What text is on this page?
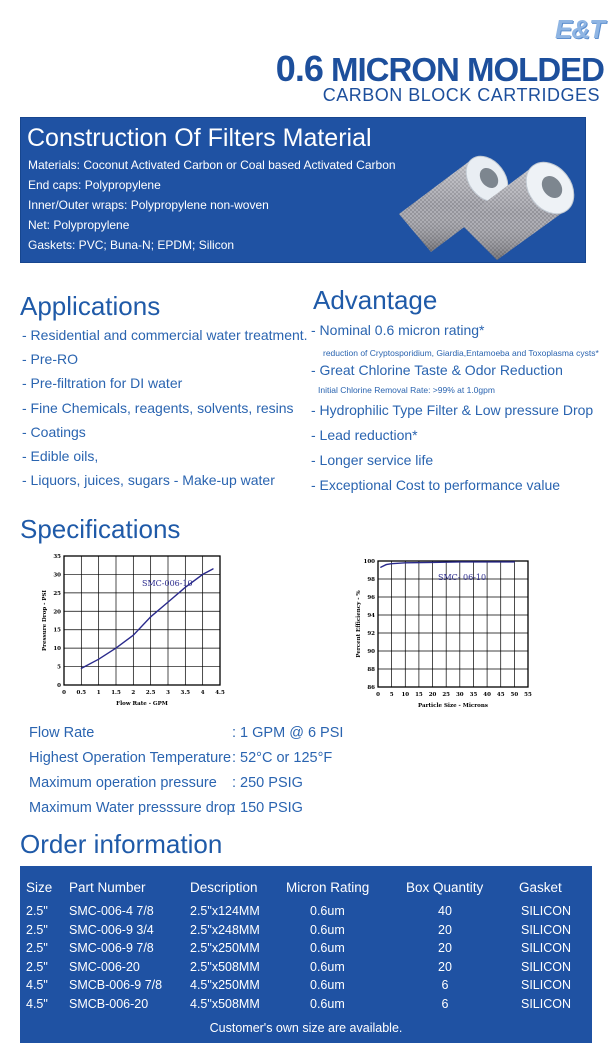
E&T
0.6 MICRON MOLDED
CARBON BLOCK CARTRIDGES
Construction Of Filters Material
Materials: Coconut Activated Carbon or Coal based Activated Carbon
End caps: Polypropylene
Inner/Outer wraps: Polypropylene non-woven
Net: Polypropylene
Gaskets: PVC; Buna-N; EPDM; Silicon
Applications
- Residential and commercial water treatment.
- Pre-RO
- Pre-filtration for DI water
- Fine Chemicals, reagents, solvents, resins
- Coatings
- Edible oils,
- Liquors, juices, sugars - Make-up water
Advantage
- Nominal 0.6 micron rating*
reduction of Cryptosporidium, Giardia,Entamoeba and Toxoplasma cysts*
- Great Chlorine Taste & Odor Reduction
Initial Chlorine Removal Rate: >99% at 1.0gpm
- Hydrophilic Type Filter & Low pressure Drop
- Lead reduction*
- Longer service life
- Exceptional Cost to performance value
Specifications
0 0.5 1 1.5 2 2.5 3 3.5 4 4.5
0
5
10
15
20
25
30
35
SMC-006-10
Flow Rate - GPM
Pressure Drop - PSI
0 5 10 15 20 25 30 35 40 45 50 55
86
88
90
92
94
96
98
100
SMC- 06-10
Particle Size - Microns
Percent Efficiency - %
Flow Rate	: 1 GPM @ 6 PSI
Highest Operation Temperature : 52°C or 125°F
Maximum operation pressure : 250 PSIG
Maximum Water presssure drop
: 150 PSIG
Order information
Size Part Number	Description Micron Rating	Box Quantity	Gasket
2.5" SMC-006-4 7/8	2.5"x124MM	0.6um	40	SILICON
2.5" SMC-006-9 3/4	2.5"x248MM	0.6um	20	SILICON
2.5" SMC-006-9 7/8	2.5"x250MM	0.6um	20	SILICON
2.5" SMC-006-20	2.5"x508MM	0.6um	20	SILICON
4.5" SMCB-006-9 7/8 4.5"x250MM	0.6um	6	SILICON
4.5" SMCB-006-20	4.5"x508MM	0.6um	6	SILICON
Customer's own size are available.
